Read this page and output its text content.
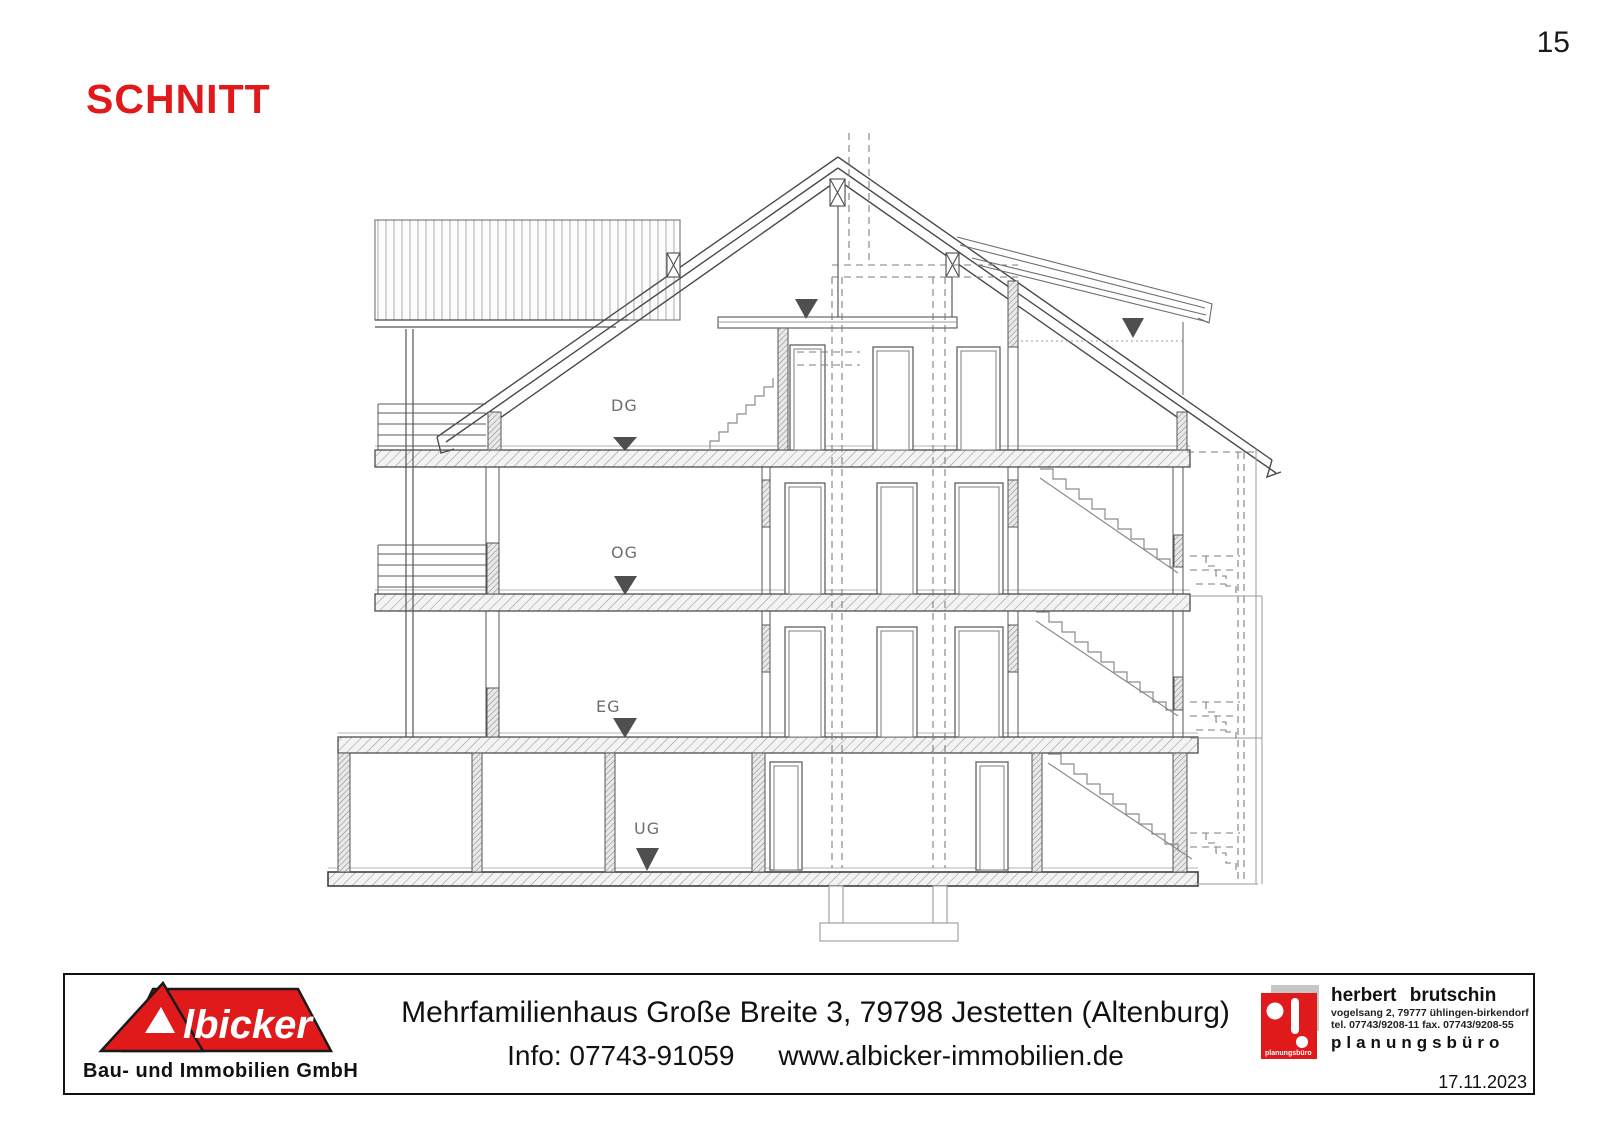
15
SCHNITT
DG
OG
EG
UG
lbicker
Bau- und Immobilien GmbH
Mehrfamilienhaus Große Breite 3, 79798 Jestetten (Altenburg)
Info: 07743-91059 www.albicker-immobilien.de	planungsbüro
herbert brutschin
vogelsang 2, 79777 ühlingen-birkendorf
tel. 07743/9208-11 fax. 07743/9208-55
planungsbüro
17.11.2023
